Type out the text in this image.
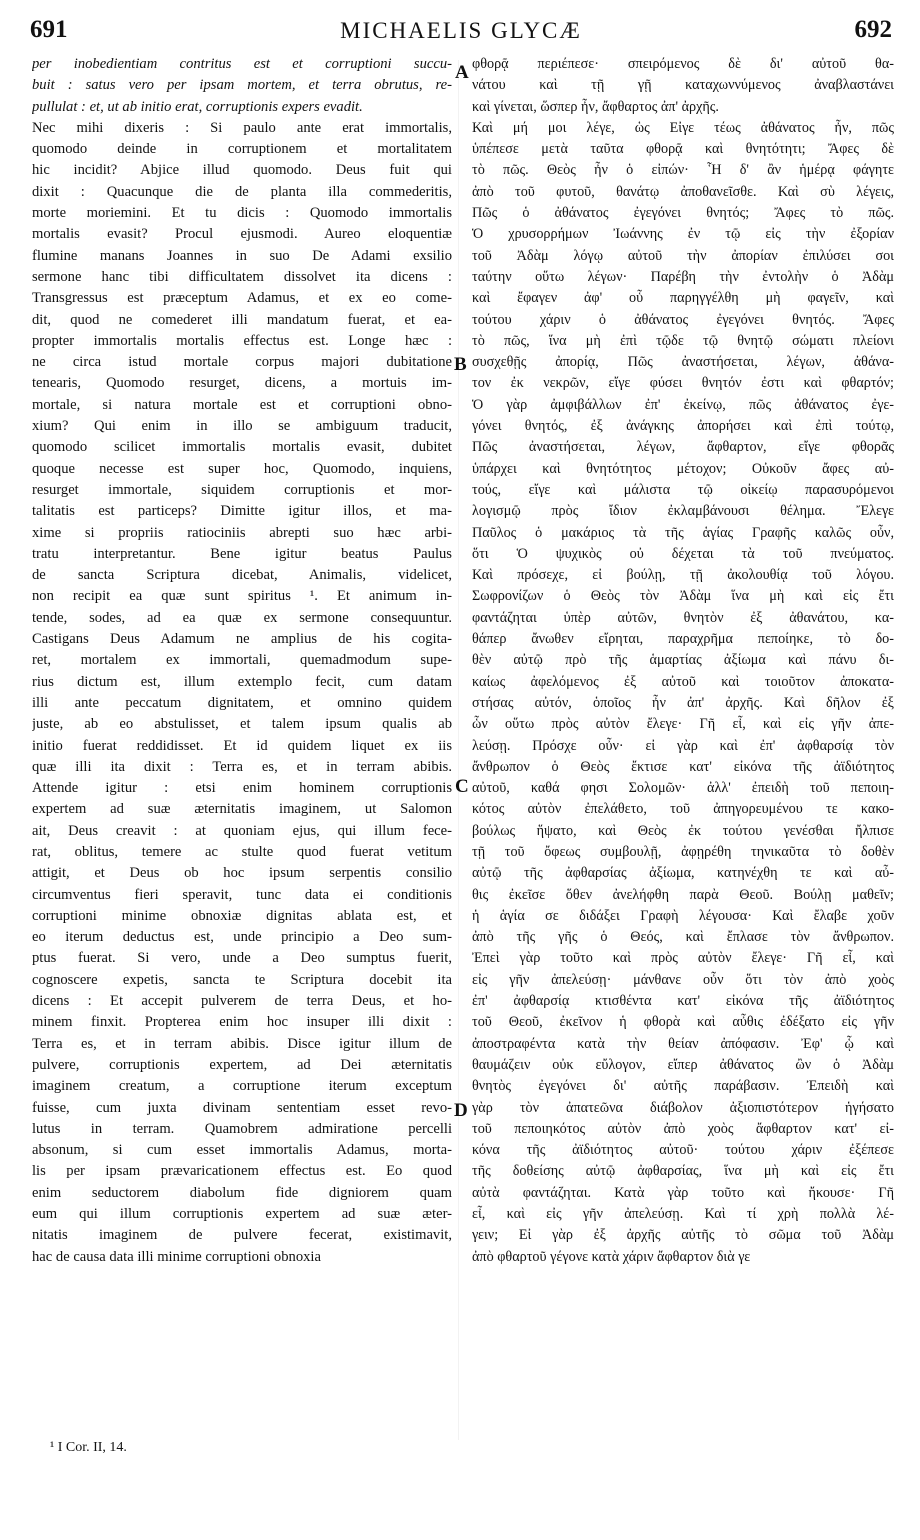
691	MICHAELIS GLYCÆ	692
per inobedientiam contritus est et corruptioni succu-
buit : satus vero per ipsam mortem, et terra obrutus, re-
pullulat : et, ut ab initio erat, corruptionis expers evadit.
Nec mihi dixeris : Si paulo ante erat immortalis,
quomodo deinde in corruptionem et mortalitatem
hic incidit? Abjice illud quomodo. Deus fuit qui
dixit : Quacunque die de planta illa commederitis,
morte moriemini. Et tu dicis : Quomodo immortalis
mortalis evasit? Procul ejusmodi. Aureo eloquentiæ
flumine manans Joannes in suo De Adami exsilio
sermone hanc tibi difficultatem dissolvet ita dicens :
Transgressus est præceptum Adamus, et ex eo come-
dit, quod ne comederet illi mandatum fuerat, et ea-
propter immortalis mortalis effectus est. Longe hæc :
ne circa istud mortale corpus majori dubitatione
tenearis, Quomodo resurget, dicens, a mortuis im-
mortale, si natura mortale est et corruptioni obno-
xium? Qui enim in illo se ambiguum traducit,
quomodo scilicet immortalis mortalis evasit, dubitet
quoque necesse est super hoc, Quomodo, inquiens,
resurget immortale, siquidem corruptionis et mor-
talitatis est particeps? Dimitte igitur illos, et ma-
xime si propriis ratiociniis abrepti suo hæc arbi-
tratu interpretantur. Bene igitur beatus Paulus
de sancta Scriptura dicebat, Animalis, videlicet,
non recipit ea quæ sunt spiritus ¹. Et animum in-
tende, sodes, ad ea quæ ex sermone consequuntur.
Castigans Deus Adamum ne amplius de his cogita-
ret, mortalem ex immortali, quemadmodum supe-
rius dictum est, illum extemplo fecit, cum datam
illi ante peccatum dignitatem, et omnino quidem
juste, ab eo abstulisset, et talem ipsum qualis ab
initio fuerat reddidisset. Et id quidem liquet ex iis
quæ illi ita dixit : Terra es, et in terram abibis.
Attende igitur : etsi enim hominem corruptionis
expertem ad suæ æternitatis imaginem, ut Salomon
ait, Deus creavit : at quoniam ejus, qui illum fece-
rat, oblitus, temere ac stulte quod fuerat vetitum
attigit, et Deus ob hoc ipsum serpentis consilio
circumventus fieri speravit, tunc data ei conditionis
corruptioni minime obnoxiæ dignitas ablata est, et
eo iterum deductus est, unde principio a Deo sum-
ptus fuerat. Si vero, unde a Deo sumptus fuerit,
cognoscere expetis, sancta te Scriptura docebit ita
dicens : Et accepit pulverem de terra Deus, et ho-
minem finxit. Propterea enim hoc insuper illi dixit :
Terra es, et in terram abibis. Disce igitur illum de
pulvere, corruptionis expertem, ad Dei æternitatis
imaginem creatum, a corruptione iterum exceptum
fuisse, cum juxta divinam sententiam esset revo-
lutus in terram. Quamobrem admiratione percelli
absonum, si cum esset immortalis Adamus, morta-
lis per ipsam prævaricationem effectus est. Eo quod
enim seductorem diabolum fide digniorem quam
eum qui illum corruptionis expertem ad suæ æter-
nitatis imaginem de pulvere fecerat, existimavit,
hac de causa data illi minime corruptioni obnoxia
φθορᾷ περιέπεσε· σπειρόμενος δὲ δι' αὐτοῦ θα-
νάτου καὶ τῇ γῇ καταχωννύμενος ἀναβλαστάνει
καὶ γίνεται, ὥσπερ ἦν, ἄφθαρτος ἀπ' ἀρχῆς.
Καὶ μή μοι λέγε, ὡς Εἰγε τέως ἀθάνατος ἦν, πῶς
ὑπέπεσε μετὰ ταῦτα φθορᾷ καὶ θνητότητι; Ἄφες δὲ
τὸ πῶς. Θεὸς ἦν ὁ εἰπών· Ἧ δ' ἂν ἡμέρᾳ φάγητε
ἀπὸ τοῦ φυτοῦ, θανάτῳ ἀποθανεῖσθε. Καὶ σὺ λέγεις,
Πῶς ὁ ἀθάνατος ἐγεγόνει θνητός; Ἄφες τὸ πῶς.
Ὁ χρυσορρήμων Ἰωάννης ἐν τῷ εἰς τὴν ἐξορίαν
τοῦ Ἀδὰμ λόγῳ αὐτοῦ τὴν ἀπορίαν ἐπιλύσει σοι
ταύτην οὕτω λέγων· Παρέβη τὴν ἐντολὴν ὁ Ἀδὰμ
καὶ ἔφαγεν ἀφ' οὗ παρηγγέλθη μὴ φαγεῖν, καὶ
τούτου χάριν ὁ ἀθάνατος ἐγεγόνει θνητός. Ἄφες
τὸ πῶς, ἵνα μὴ ἐπὶ τῷδε τῷ θνητῷ σώματι πλείονι
συσχεθῇς ἀπορίᾳ, Πῶς ἀναστήσεται, λέγων, ἀθάνα-
τον ἐκ νεκρῶν, εἴγε φύσει θνητόν ἐστι καὶ φθαρτόν;
Ὁ γὰρ ἀμφιβάλλων ἐπ' ἐκείνῳ, πῶς ἀθάνατος ἐγε-
γόνει θνητός, ἐξ ἀνάγκης ἀπορήσει καὶ ἐπὶ τούτῳ,
Πῶς ἀναστήσεται, λέγων, ἄφθαρτον, εἴγε φθορᾶς
ὑπάρχει καὶ θνητότητος μέτοχον; Οὐκοῦν ἄφες αὐ-
τούς, εἴγε καὶ μάλιστα τῷ οἰκείῳ παρασυρόμενοι
λογισμῷ πρὸς ἴδιον ἐκλαμβάνουσι θέλημα. Ἔλεγε
Παῦλος ὁ μακάριος τὰ τῆς ἁγίας Γραφῆς καλῶς οὖν,
ὅτι Ὁ ψυχικὸς οὐ δέχεται τὰ τοῦ πνεύματος.
Καὶ πρόσεχε, εἰ βούλῃ, τῇ ἀκολουθίᾳ τοῦ λόγου.
Σωφρονίζων ὁ Θεὸς τὸν Ἀδὰμ ἵνα μὴ καὶ εἰς ἔτι
φαντάζηται ὑπὲρ αὐτῶν, θνητὸν ἐξ ἀθανάτου, κα-
θάπερ ἄνωθεν εἴρηται, παραχρῆμα πεποίηκε, τὸ δο-
θὲν αὐτῷ πρὸ τῆς ἁμαρτίας ἀξίωμα καὶ πάνυ δι-
καίως ἀφελόμενος ἐξ αὐτοῦ καὶ τοιοῦτον ἀποκατα-
στήσας αὐτόν, ὁποῖος ἦν ἀπ' ἀρχῆς. Καὶ δῆλον ἐξ
ὧν οὕτω πρὸς αὐτὸν ἔλεγε· Γῆ εἶ, καὶ εἰς γῆν ἀπε-
λεύσῃ. Πρόσχε οὖν· εἰ γὰρ καὶ ἐπ' ἀφθαρσίᾳ τὸν
ἄνθρωπον ὁ Θεὸς ἔκτισε κατ' εἰκόνα τῆς ἀϊδιότητος
αὐτοῦ, καθά φησι Σολομῶν· ἀλλ' ἐπειδὴ τοῦ πεποιη-
κότος αὐτὸν ἐπελάθετο, τοῦ ἀπηγορευμένου τε κακο-
βούλως ἥψατο, καὶ Θεὸς ἐκ τούτου γενέσθαι ἤλπισε
τῇ τοῦ ὄφεως συμβουλῇ, ἀφῃρέθη τηνικαῦτα τὸ δοθὲν
αὐτῷ τῆς ἀφθαρσίας ἀξίωμα, κατηνέχθη τε καὶ αὖ-
θις ἐκεῖσε ὅθεν ἀνελήφθη παρὰ Θεοῦ. Βούλῃ μαθεῖν;
ἡ ἁγία σε διδάξει Γραφὴ λέγουσα· Καὶ ἔλαβε χοῦν
ἀπὸ τῆς γῆς ὁ Θεός, καὶ ἔπλασε τὸν ἄνθρωπον.
Ἐπεὶ γὰρ τοῦτο καὶ πρὸς αὐτὸν ἔλεγε· Γῆ εἶ, καὶ
εἰς γῆν ἀπελεύσῃ· μάνθανε οὖν ὅτι τὸν ἀπὸ χοὸς
ἐπ' ἀφθαρσίᾳ κτισθέντα κατ' εἰκόνα τῆς ἀϊδιότητος
τοῦ Θεοῦ, ἐκεῖνον ἡ φθορὰ καὶ αὖθις ἐδέξατο εἰς γῆν
ἀποστραφέντα κατὰ τὴν θείαν ἀπόφασιν. Ἐφ' ᾧ καὶ
θαυμάζειν οὐκ εὔλογον, εἴπερ ἀθάνατος ὢν ὁ Ἀδὰμ
θνητὸς ἐγεγόνει δι' αὐτῆς παράβασιν. Ἐπειδὴ καὶ
γὰρ τὸν ἀπατεῶνα διάβολον ἀξιοπιστότερον ἡγήσατο
τοῦ πεποιηκότος αὐτὸν ἀπὸ χοὸς ἄφθαρτον κατ' εἰ-
κόνα τῆς ἀϊδιότητος αὐτοῦ· τούτου χάριν ἐξέπεσε
τῆς δοθείσης αὐτῷ ἀφθαρσίας, ἵνα μὴ καὶ εἰς ἔτι
αὐτὰ φαντάζηται. Κατὰ γὰρ τοῦτο καὶ ἤκουσε· Γῆ
εἶ, καὶ εἰς γῆν ἀπελεύσῃ. Καὶ τί χρὴ πολλὰ λέ-
γειν; Εἰ γὰρ ἐξ ἀρχῆς αὐτῆς τὸ σῶμα τοῦ Ἀδὰμ
ἀπὸ φθαρτοῦ γέγονε κατὰ χάριν ἄφθαρτον διὰ γε
A
B
C
D
¹ I Cor. II, 14.
